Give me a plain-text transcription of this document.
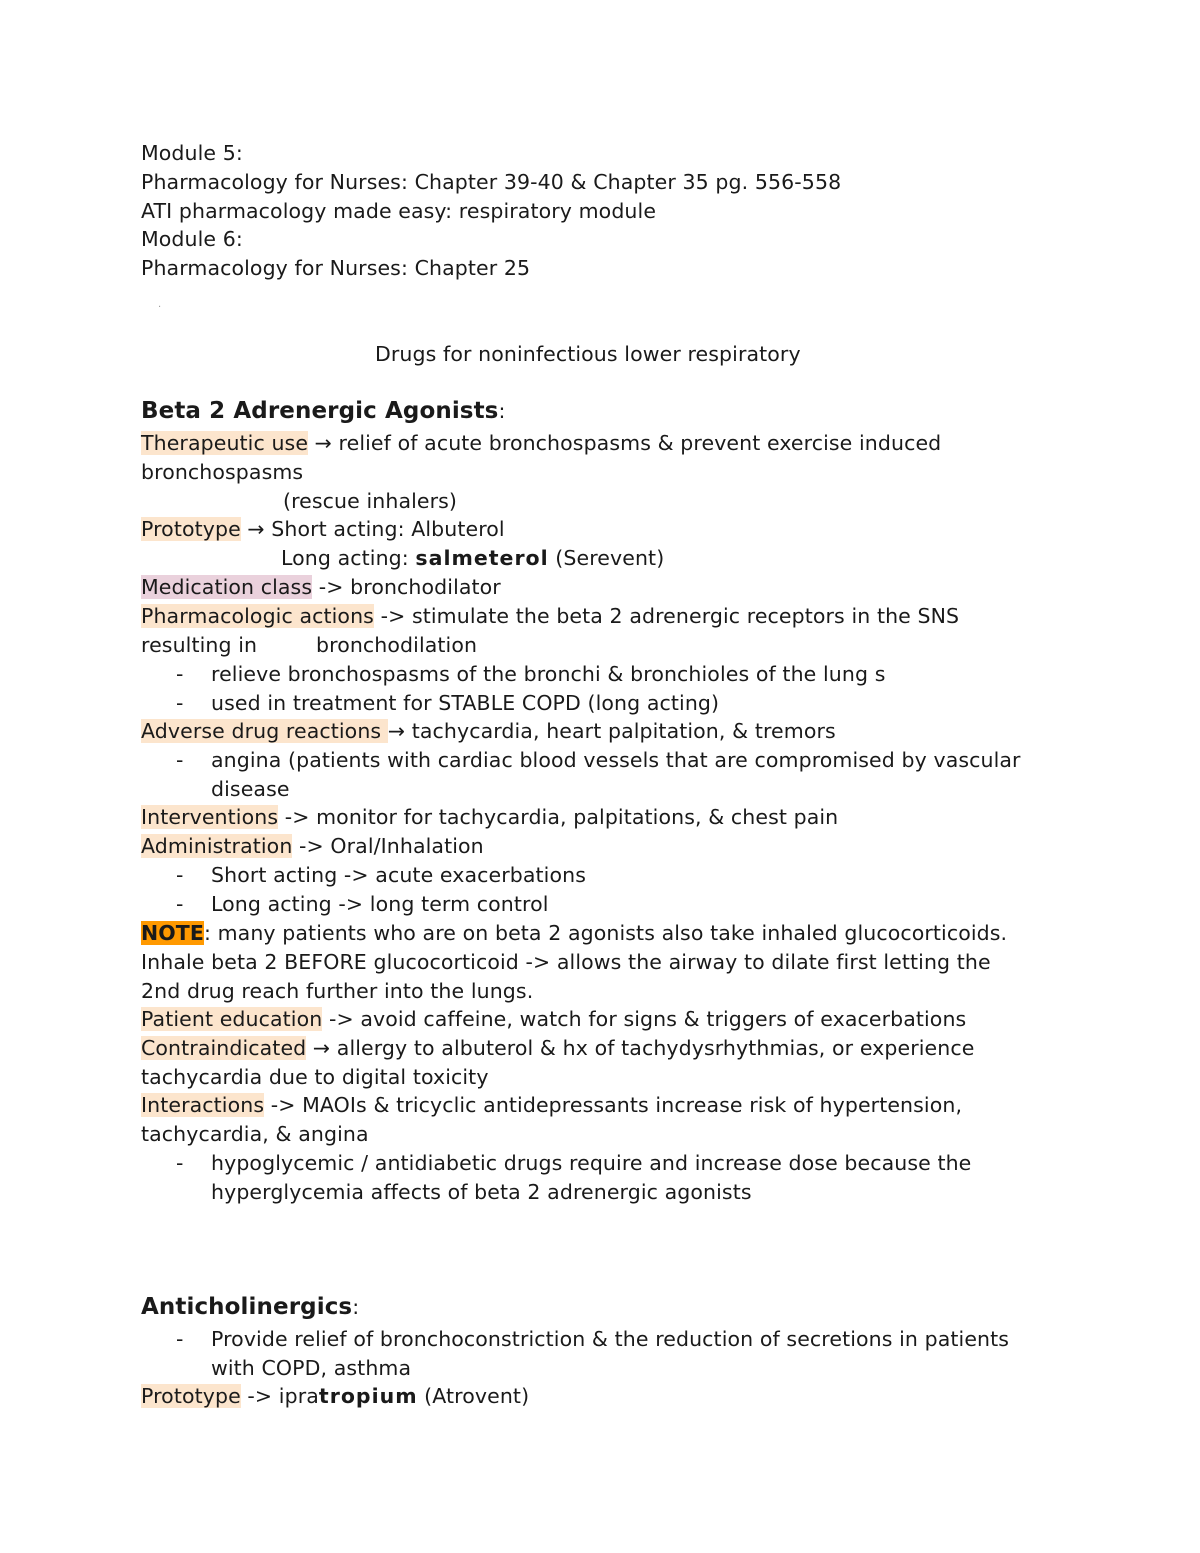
Module 5:
Pharmacology for Nurses: Chapter 39-40 & Chapter 35 pg. 556-558
ATI pharmacology made easy: respiratory module
Module 6:
Pharmacology for Nurses: Chapter 25
·
Drugs for noninfectious lower respiratory
Beta 2 Adrenergic Agonists:
Therapeutic use → relief of acute bronchospasms & prevent exercise induced
bronchospasms
(rescue inhalers)
Prototype → Short acting: Albuterol
Long acting: salmeterol (Serevent)
Medication class -> bronchodilator
Pharmacologic actions -> stimulate the beta 2 adrenergic receptors in the SNS
resulting in	bronchodilation
- relieve bronchospasms of the bronchi & bronchioles of the lung s
- used in treatment for STABLE COPD (long acting)
Adverse drug reactions → tachycardia, heart palpitation, & tremors
- angina (patients with cardiac blood vessels that are compromised by vascular
disease
Interventions -> monitor for tachycardia, palpitations, & chest pain
Administration -> Oral/Inhalation
- Short acting -> acute exacerbations
- Long acting -> long term control
NOTE: many patients who are on beta 2 agonists also take inhaled glucocorticoids.
Inhale beta 2 BEFORE glucocorticoid -> allows the airway to dilate first letting the
2nd drug reach further into the lungs.
Patient education -> avoid caffeine, watch for signs & triggers of exacerbations
Contraindicated → allergy to albuterol & hx of tachydysrhythmias, or experience
tachycardia due to digital toxicity
Interactions -> MAOIs & tricyclic antidepressants increase risk of hypertension,
tachycardia, & angina
- hypoglycemic / antidiabetic drugs require and increase dose because the
hyperglycemia affects of beta 2 adrenergic agonists
Anticholinergics:
- Provide relief of bronchoconstriction & the reduction of secretions in patients
with COPD, asthma
Prototype -> ipratropium (Atrovent)
